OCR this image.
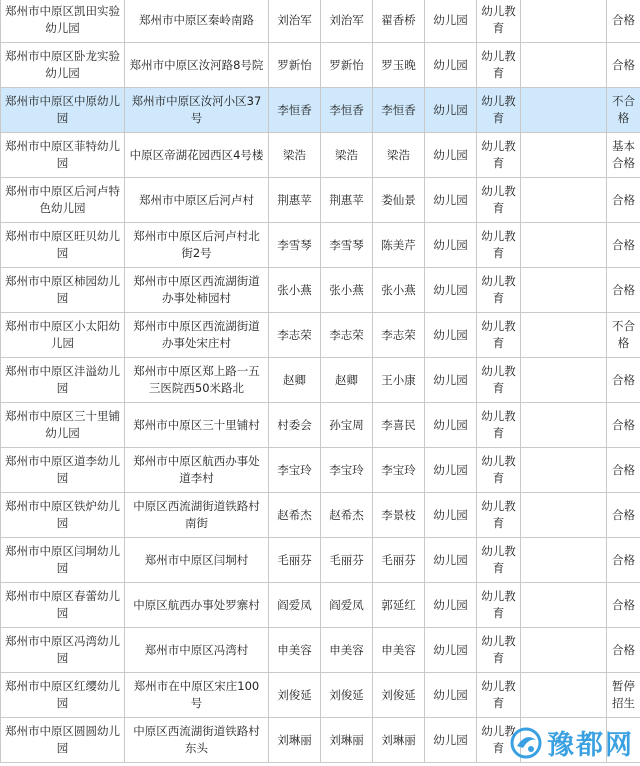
郑州市中原区凯田实验幼儿园	郑州市中原区秦岭南路	刘治军	刘治军	翟香桥	幼儿园	幼儿教育		合格
郑州市中原区卧龙实验幼儿园	郑州市中原区汝河路8号院	罗新怡	罗新怡	罗玉晚	幼儿园	幼儿教育		合格
郑州市中原区中原幼儿园	郑州市中原区汝河小区37号	李恒香	李恒香	李恒香	幼儿园	幼儿教育		不合格
郑州市中原区菲特幼儿园	中原区帝湖花园西区4号楼	梁浩	梁浩	梁浩	幼儿园	幼儿教育		基本合格
郑州市中原区后河卢特色幼儿园	郑州市中原区后河卢村	荆惠苹	荆惠苹	娄仙景	幼儿园	幼儿教育		合格
郑州市中原区旺贝幼儿园	郑州市中原区后河卢村北街2号	李雪琴	李雪琴	陈美芹	幼儿园	幼儿教育		合格
郑州市中原区柿园幼儿园	郑州市中原区西流湖街道办事处柿园村	张小燕	张小燕	张小燕	幼儿园	幼儿教育		合格
郑州市中原区小太阳幼儿园	郑州市中原区西流湖街道办事处宋庄村	李志荣	李志荣	李志荣	幼儿园	幼儿教育		不合格
郑州市中原区沣溢幼儿园	郑州市中原区郑上路一五三医院西50米路北	赵卿	赵卿	王小康	幼儿园	幼儿教育		合格
郑州市中原区三十里铺幼儿园	郑州市中原区三十里铺村	村委会	孙宝周	李喜民	幼儿园	幼儿教育		合格
郑州市中原区道李幼儿园	郑州市中原区航西办事处道李村	李宝玲	李宝玲	李宝玲	幼儿园	幼儿教育		合格
郑州市中原区铁炉幼儿园	中原区西流湖街道铁路村南街	赵希杰	赵希杰	李景枝	幼儿园	幼儿教育		合格
郑州市中原区闫垌幼儿园	郑州市中原区闫垌村	毛丽芬	毛丽芬	毛丽芬	幼儿园	幼儿教育		合格
郑州市中原区春蕾幼儿园	中原区航西办事处罗寨村	阎爱凤	阎爱凤	郭延红	幼儿园	幼儿教育		合格
郑州市中原区冯湾幼儿园	郑州市中原区冯湾村	申美容	申美容	申美容	幼儿园	幼儿教育		合格
郑州市中原区红缨幼儿园	郑州市在中原区宋庄100号	刘俊延	刘俊延	刘俊延	幼儿园	幼儿教育		暂停招生
郑州市中原区圆圆幼儿园	中原区西流湖街道铁路村东头	刘琳丽	刘琳丽	刘琳丽	幼儿园	幼儿教育		豫都网
